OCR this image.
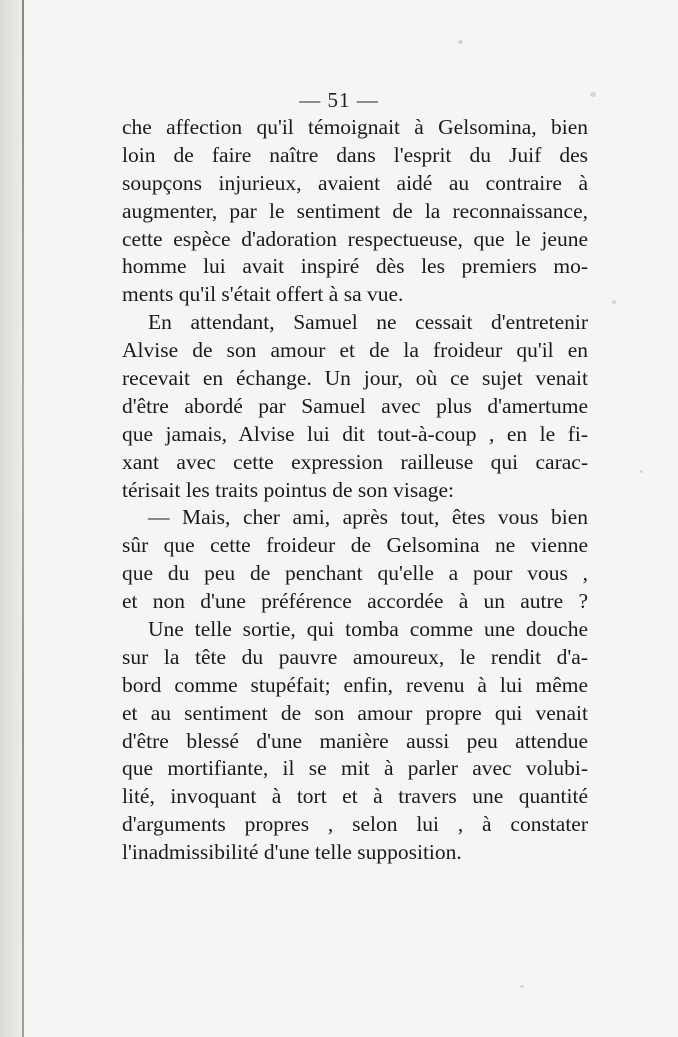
— 51 —
che affection qu'il témoignait à Gelsomina, bien
loin de faire naître dans l'esprit du Juif des
soupçons injurieux, avaient aidé au contraire à
augmenter, par le sentiment de la reconnaissance,
cette espèce d'adoration respectueuse, que le jeune
homme lui avait inspiré dès les premiers mo-
ments qu'il s'était offert à sa vue.
En attendant, Samuel ne cessait d'entretenir
Alvise de son amour et de la froideur qu'il en
recevait en échange. Un jour, où ce sujet venait
d'être abordé par Samuel avec plus d'amertume
que jamais, Alvise lui dit tout-à-coup , en le fi-
xant avec cette expression railleuse qui carac-
térisait les traits pointus de son visage:
— Mais, cher ami, après tout, êtes vous bien
sûr que cette froideur de Gelsomina ne vienne
que du peu de penchant qu'elle a pour vous ,
et non d'une préférence accordée à un autre ?
Une telle sortie, qui tomba comme une douche
sur la tête du pauvre amoureux, le rendit d'a-
bord comme stupéfait; enfin, revenu à lui même
et au sentiment de son amour propre qui venait
d'être blessé d'une manière aussi peu attendue
que mortifiante, il se mit à parler avec volubi-
lité, invoquant à tort et à travers une quantité
d'arguments propres , selon lui , à constater
l'inadmissibilité d'une telle supposition.
